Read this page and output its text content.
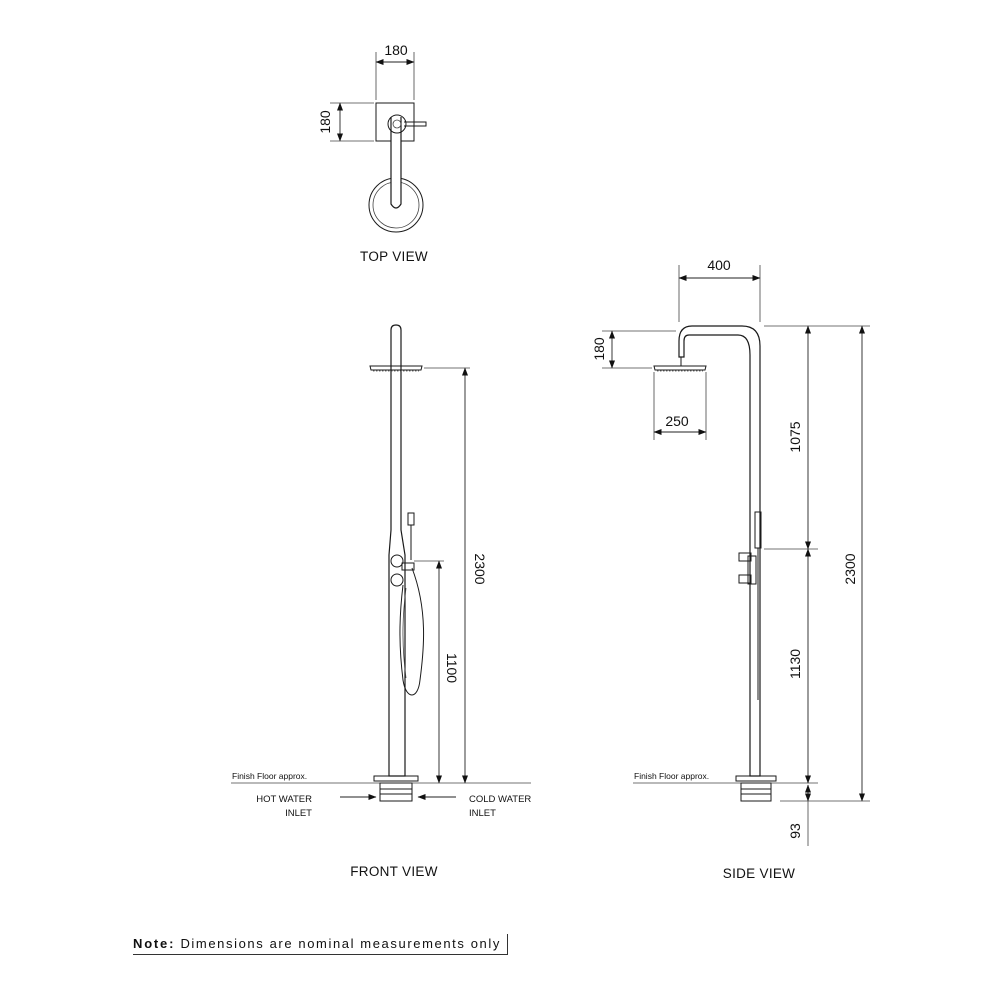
180
180
TOP VIEW
Finish Floor approx.
HOT WATER
INLET
COLD WATER
INLET
2300
1100
FRONT VIEW
Finish Floor approx.
400
180
250
1075
1130
2300
93
SIDE VIEW
Note: Dimensions are nominal measurements only
